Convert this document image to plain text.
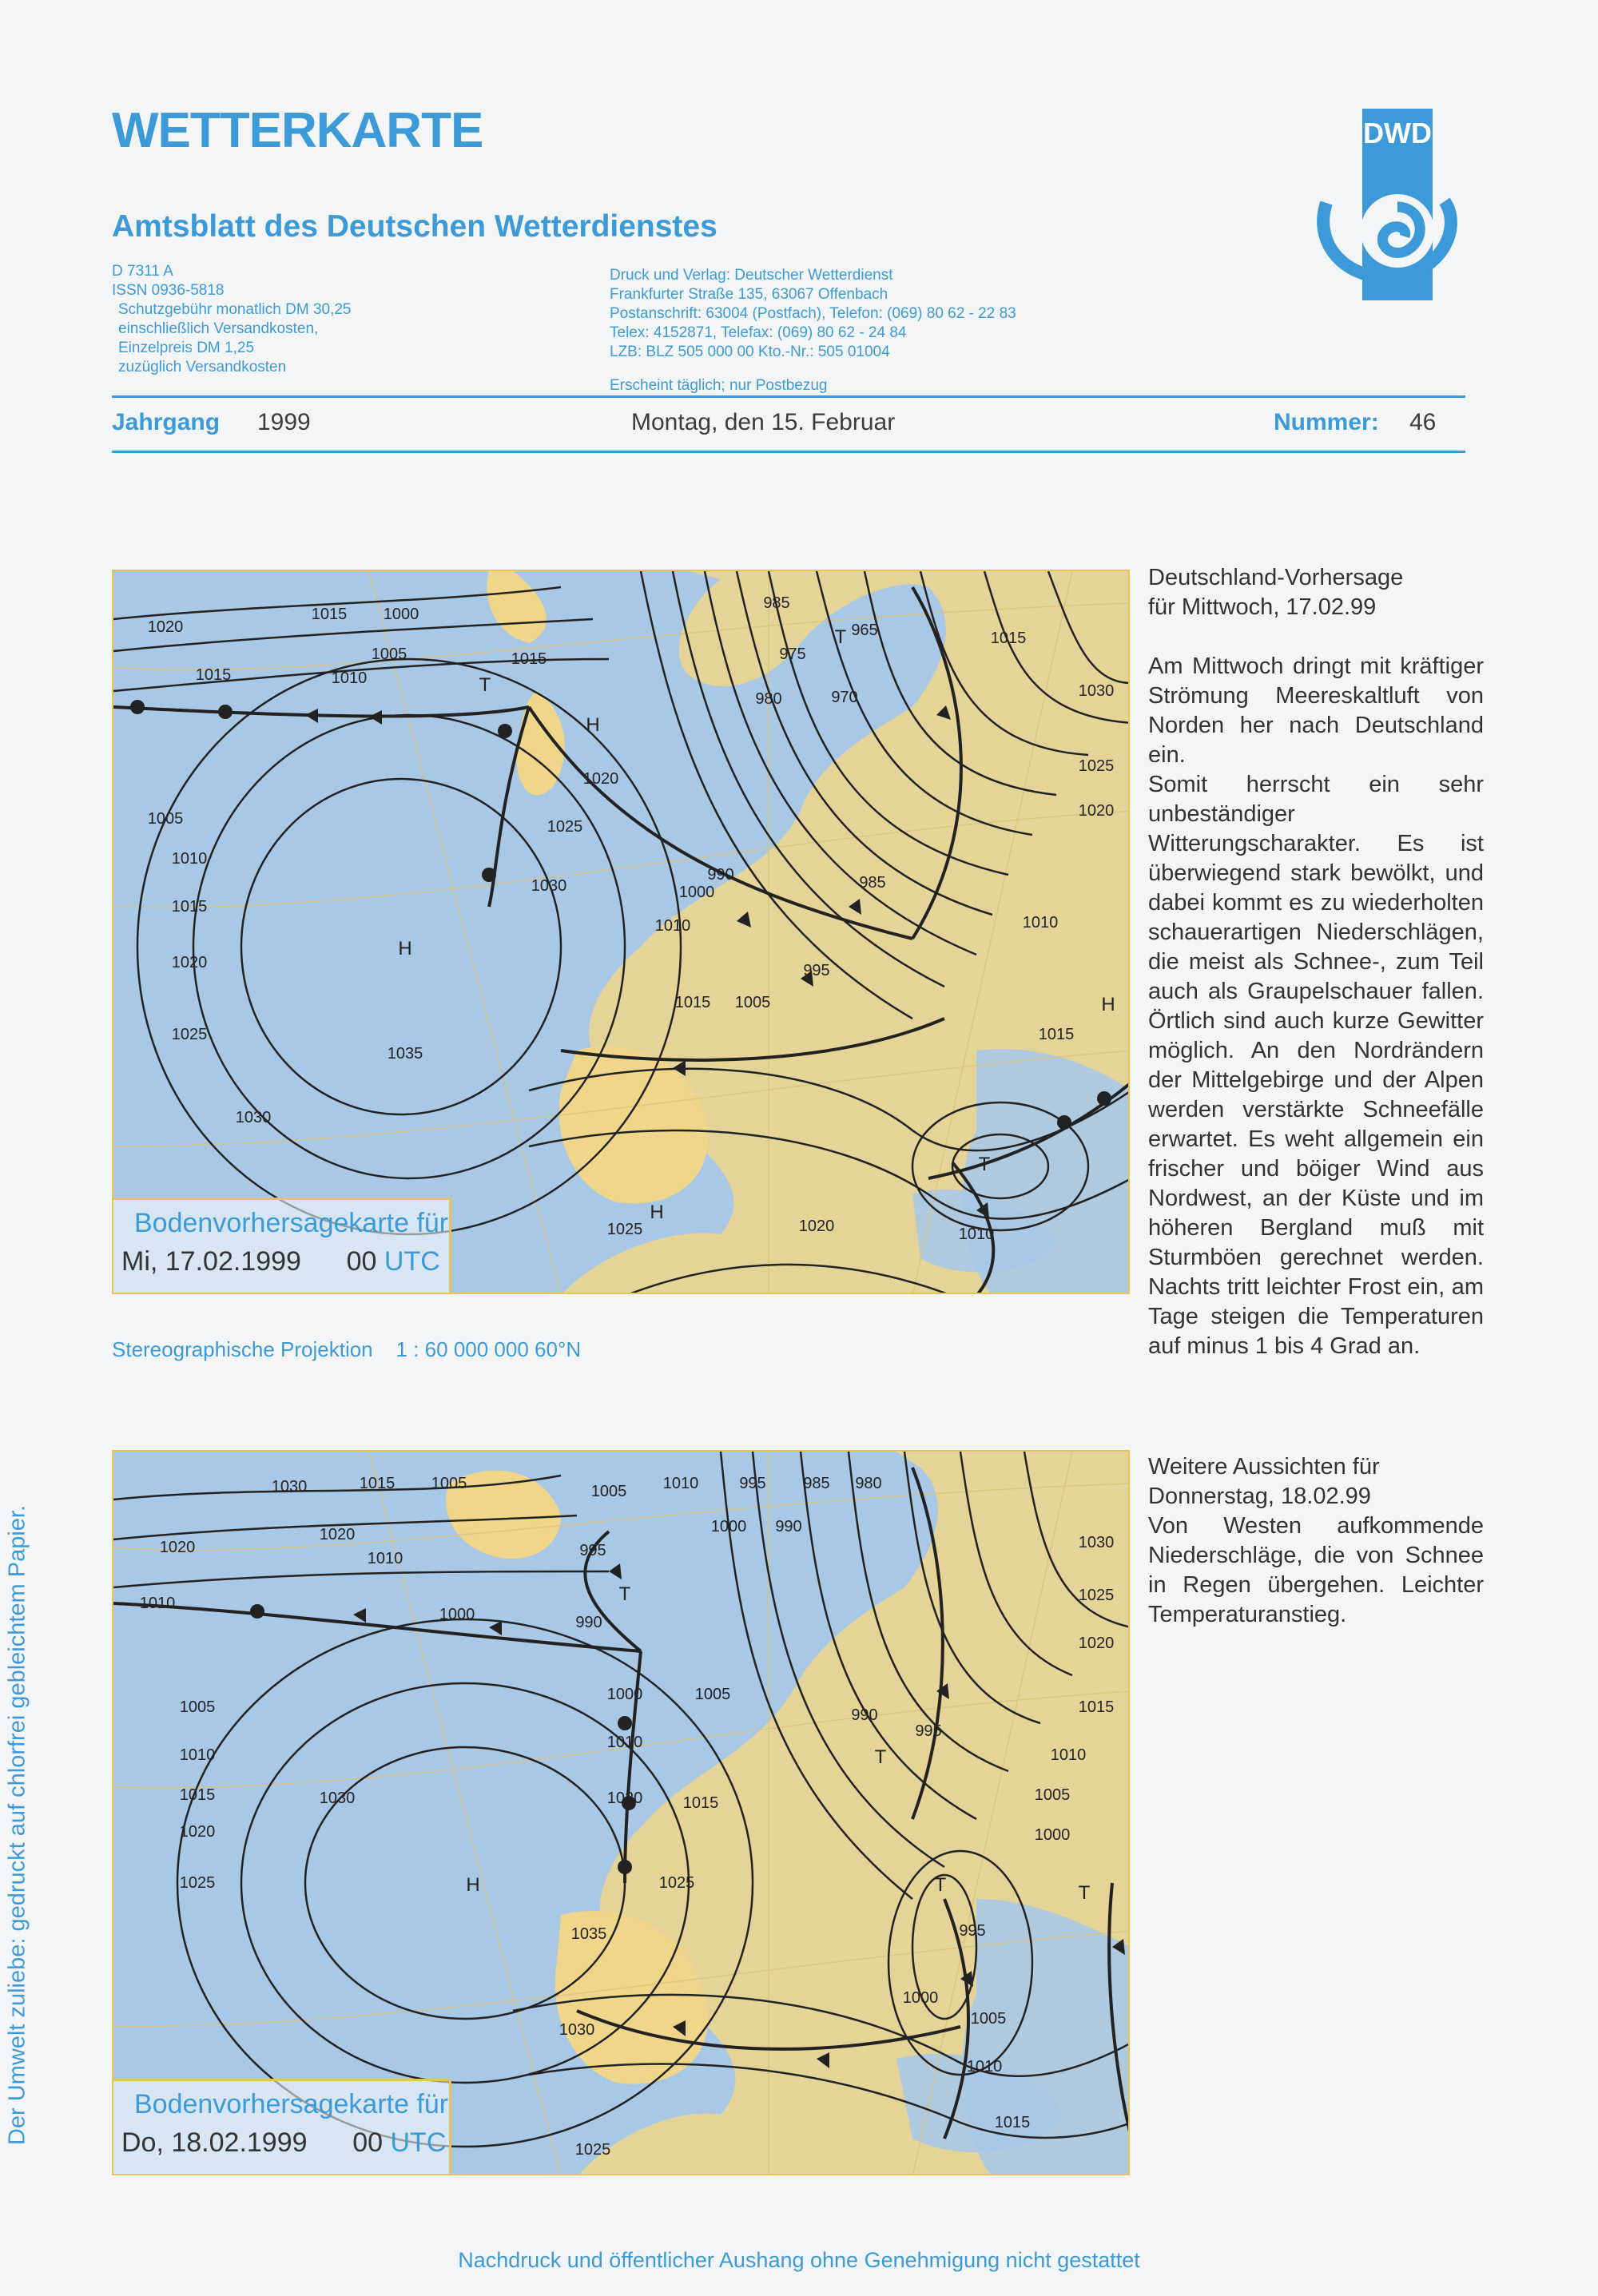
WETTERKARTE
Amtsblatt des Deutschen Wetterdienstes
D 7311 A
ISSN 0936-5818
Schutzgebühr monatlich DM 30,25
einschließlich Versandkosten,
Einzelpreis DM 1,25
zuzüglich Versandkosten
Druck und Verlag: Deutscher Wetterdienst
Frankfurter Straße 135, 63067 Offenbach
Postanschrift: 63004 (Postfach), Telefon: (069) 80 62 - 22 83
Telex: 4152871, Telefax: (069) 80 62 - 24 84
LZB: BLZ 505 000 00 Kto.-Nr.: 505 01004
Erscheint täglich; nur Postbezug
DWD
Jahrgang 1999	Montag, den 15. Februar	Nummer: 46
1020
1015
1015 1000
1005
1010
1015
985
975
965	1015
980	970	1030
1020
1025
1020
1005
1010
1025
990
1000
1030	985
1010
1015
1020
1010
995
1015 1005
1025
1035
1030
1015
1025	1020	1010
H
H
T
H
T
T
H
Bodenvorhersagekarte für
Mi, 17.02.1999 00 UTC
Stereographische Projektion 1 : 60 000 000 60°N
Deutschland-Vorhersage
für Mittwoch, 17.02.99

Am Mittwoch dringt mit kräftiger Strömung Meereskaltluft von Norden her nach Deutschland ein.

Somit herrscht ein sehr unbeständiger Witterungscharakter. Es ist überwiegend stark bewölkt, und dabei kommt es zu wiederholten schauerartigen Niederschlägen, die meist als Schnee-, zum Teil auch als Graupelschauer fallen. Örtlich sind auch kurze Gewitter möglich. An den Nordrändern der Mittelgebirge und der Alpen werden verstärkte Schneefälle erwartet. Es weht allgemein ein frischer und böiger Wind aus Nordwest, an der Küste und im höheren Bergland muß mit Sturmböen gerechnet werden. Nachts tritt leichter Frost ein, am Tage steigen die Temperaturen auf minus 1 bis 4 Grad an.

1030	1015 1005	1005 1010	995 985 980
1020
1020
1010
1000 990
1030
995
1010
1000	990
1025
1005
1000
1010
1020
990
995
1015
1005
1010
1030
1010
1020	1015	1005
1015
1020
1025
1000
1035	995
1025
1030
1000
1005
1010
1015
1025
T
H
T
T	T
Bodenvorhersagekarte für
Do, 18.02.1999 00 UTC
Weitere Aussichten für
Donnerstag, 18.02.99

Von Westen aufkommende Niederschläge, die von Schnee in Regen übergehen. Leichter Temperaturanstieg.

Der Umwelt zuliebe: gedruckt auf chlorfrei gebleichtem Papier.
Nachdruck und öffentlicher Aushang ohne Genehmigung nicht gestattet
